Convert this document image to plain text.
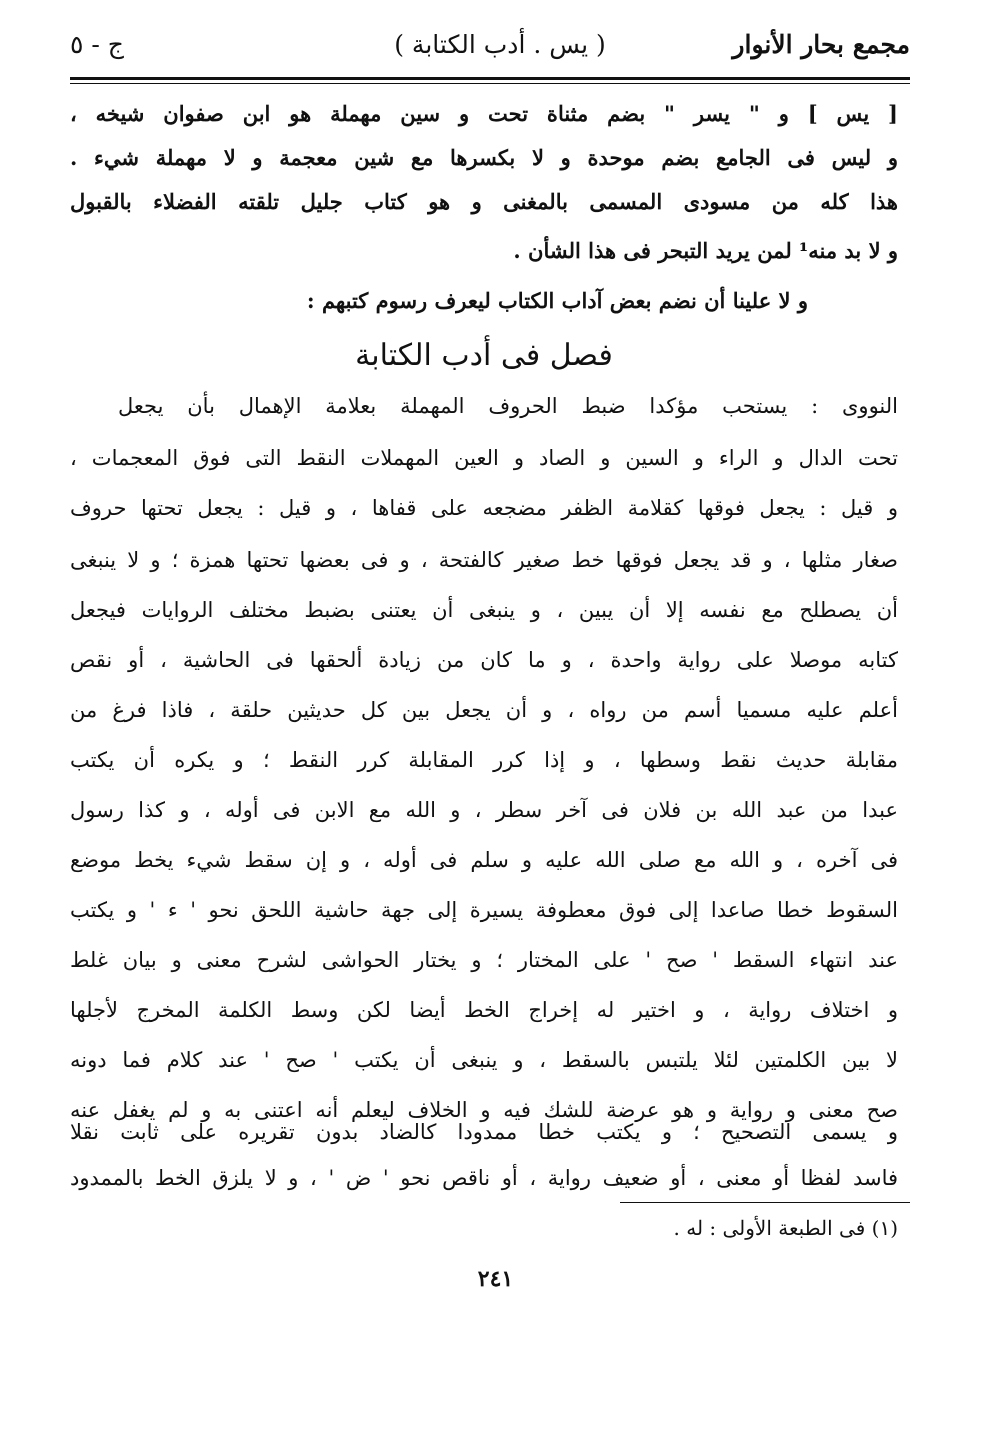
مجمع بحار الأنوار
( يس . أدب الكتابة )
ج - ٥
[ يس ] و " يسر " بضم مثناة تحت و سين مهملة هو ابن صفوان شيخه ،
و ليس فى الجامع بضم موحدة و لا بكسرها مع شين معجمة و لا مهملة شيء .
هذا كله من مسودى المسمى بالمغنى و هو كتاب جليل تلقته الفضلاء بالقبول
و لا بد منه¹ لمن يريد التبحر فى هذا الشأن .
و لا علينا أن نضم بعض آداب الكتاب ليعرف رسوم كتبهم :
فصل فى أدب الكتابة
النووى : يستحب مؤكدا ضبط الحروف المهملة بعلامة الإهمال بأن يجعل
تحت الدال و الراء و السين و الصاد و العين المهملات النقط التى فوق المعجمات ،
و قيل : يجعل فوقها كقلامة الظفر مضجعه على قفاها ، و قيل : يجعل تحتها حروف
صغار مثلها ، و قد يجعل فوقها خط صغير كالفتحة ، و فى بعضها تحتها همزة ؛ و لا ينبغى
أن يصطلح مع نفسه إلا أن يبين ، و ينبغى أن يعتنى بضبط مختلف الروايات فيجعل
كتابه موصلا على رواية واحدة ، و ما كان من زيادة ألحقها فى الحاشية ، أو نقص
أعلم عليه مسميا أسم من رواه ، و أن يجعل بين كل حديثين حلقة ، فاذا فرغ من
مقابلة حديث نقط وسطها ، و إذا كرر المقابلة كرر النقط ؛ و يكره أن يكتب
عبدا من عبد الله بن فلان فى آخر سطر ، و الله مع الابن فى أوله ، و كذا رسول
فى آخره ، و الله مع صلى الله عليه و سلم فى أوله ، و إن سقط شيء يخط موضع
السقوط خطا صاعدا إلى فوق معطوفة يسيرة إلى جهة حاشية اللحق نحو ' ء ' و يكتب
عند انتهاء السقط ' صح ' على المختار ؛ و يختار الحواشى لشرح معنى و بيان غلط
و اختلاف رواية ، و اختير له إخراج الخط أيضا لكن وسط الكلمة المخرج لأجلها
لا بين الكلمتين لئلا يلتبس بالسقط ، و ينبغى أن يكتب ' صح ' عند كلام فما دونه
صح معنى و رواية و هو عرضة للشك فيه و الخلاف ليعلم أنه اعتنى به و لم يغفل عنه
و يسمى التصحيح ؛ و يكتب خطا ممدودا كالضاد بدون تقريره على ثابت نقلا
فاسد لفظا أو معنى ، أو ضعيف رواية ، أو ناقص نحو ' ض ' ، و لا يلزق الخط بالممدود
(١) فى الطبعة الأولى : له .
٢٤١
